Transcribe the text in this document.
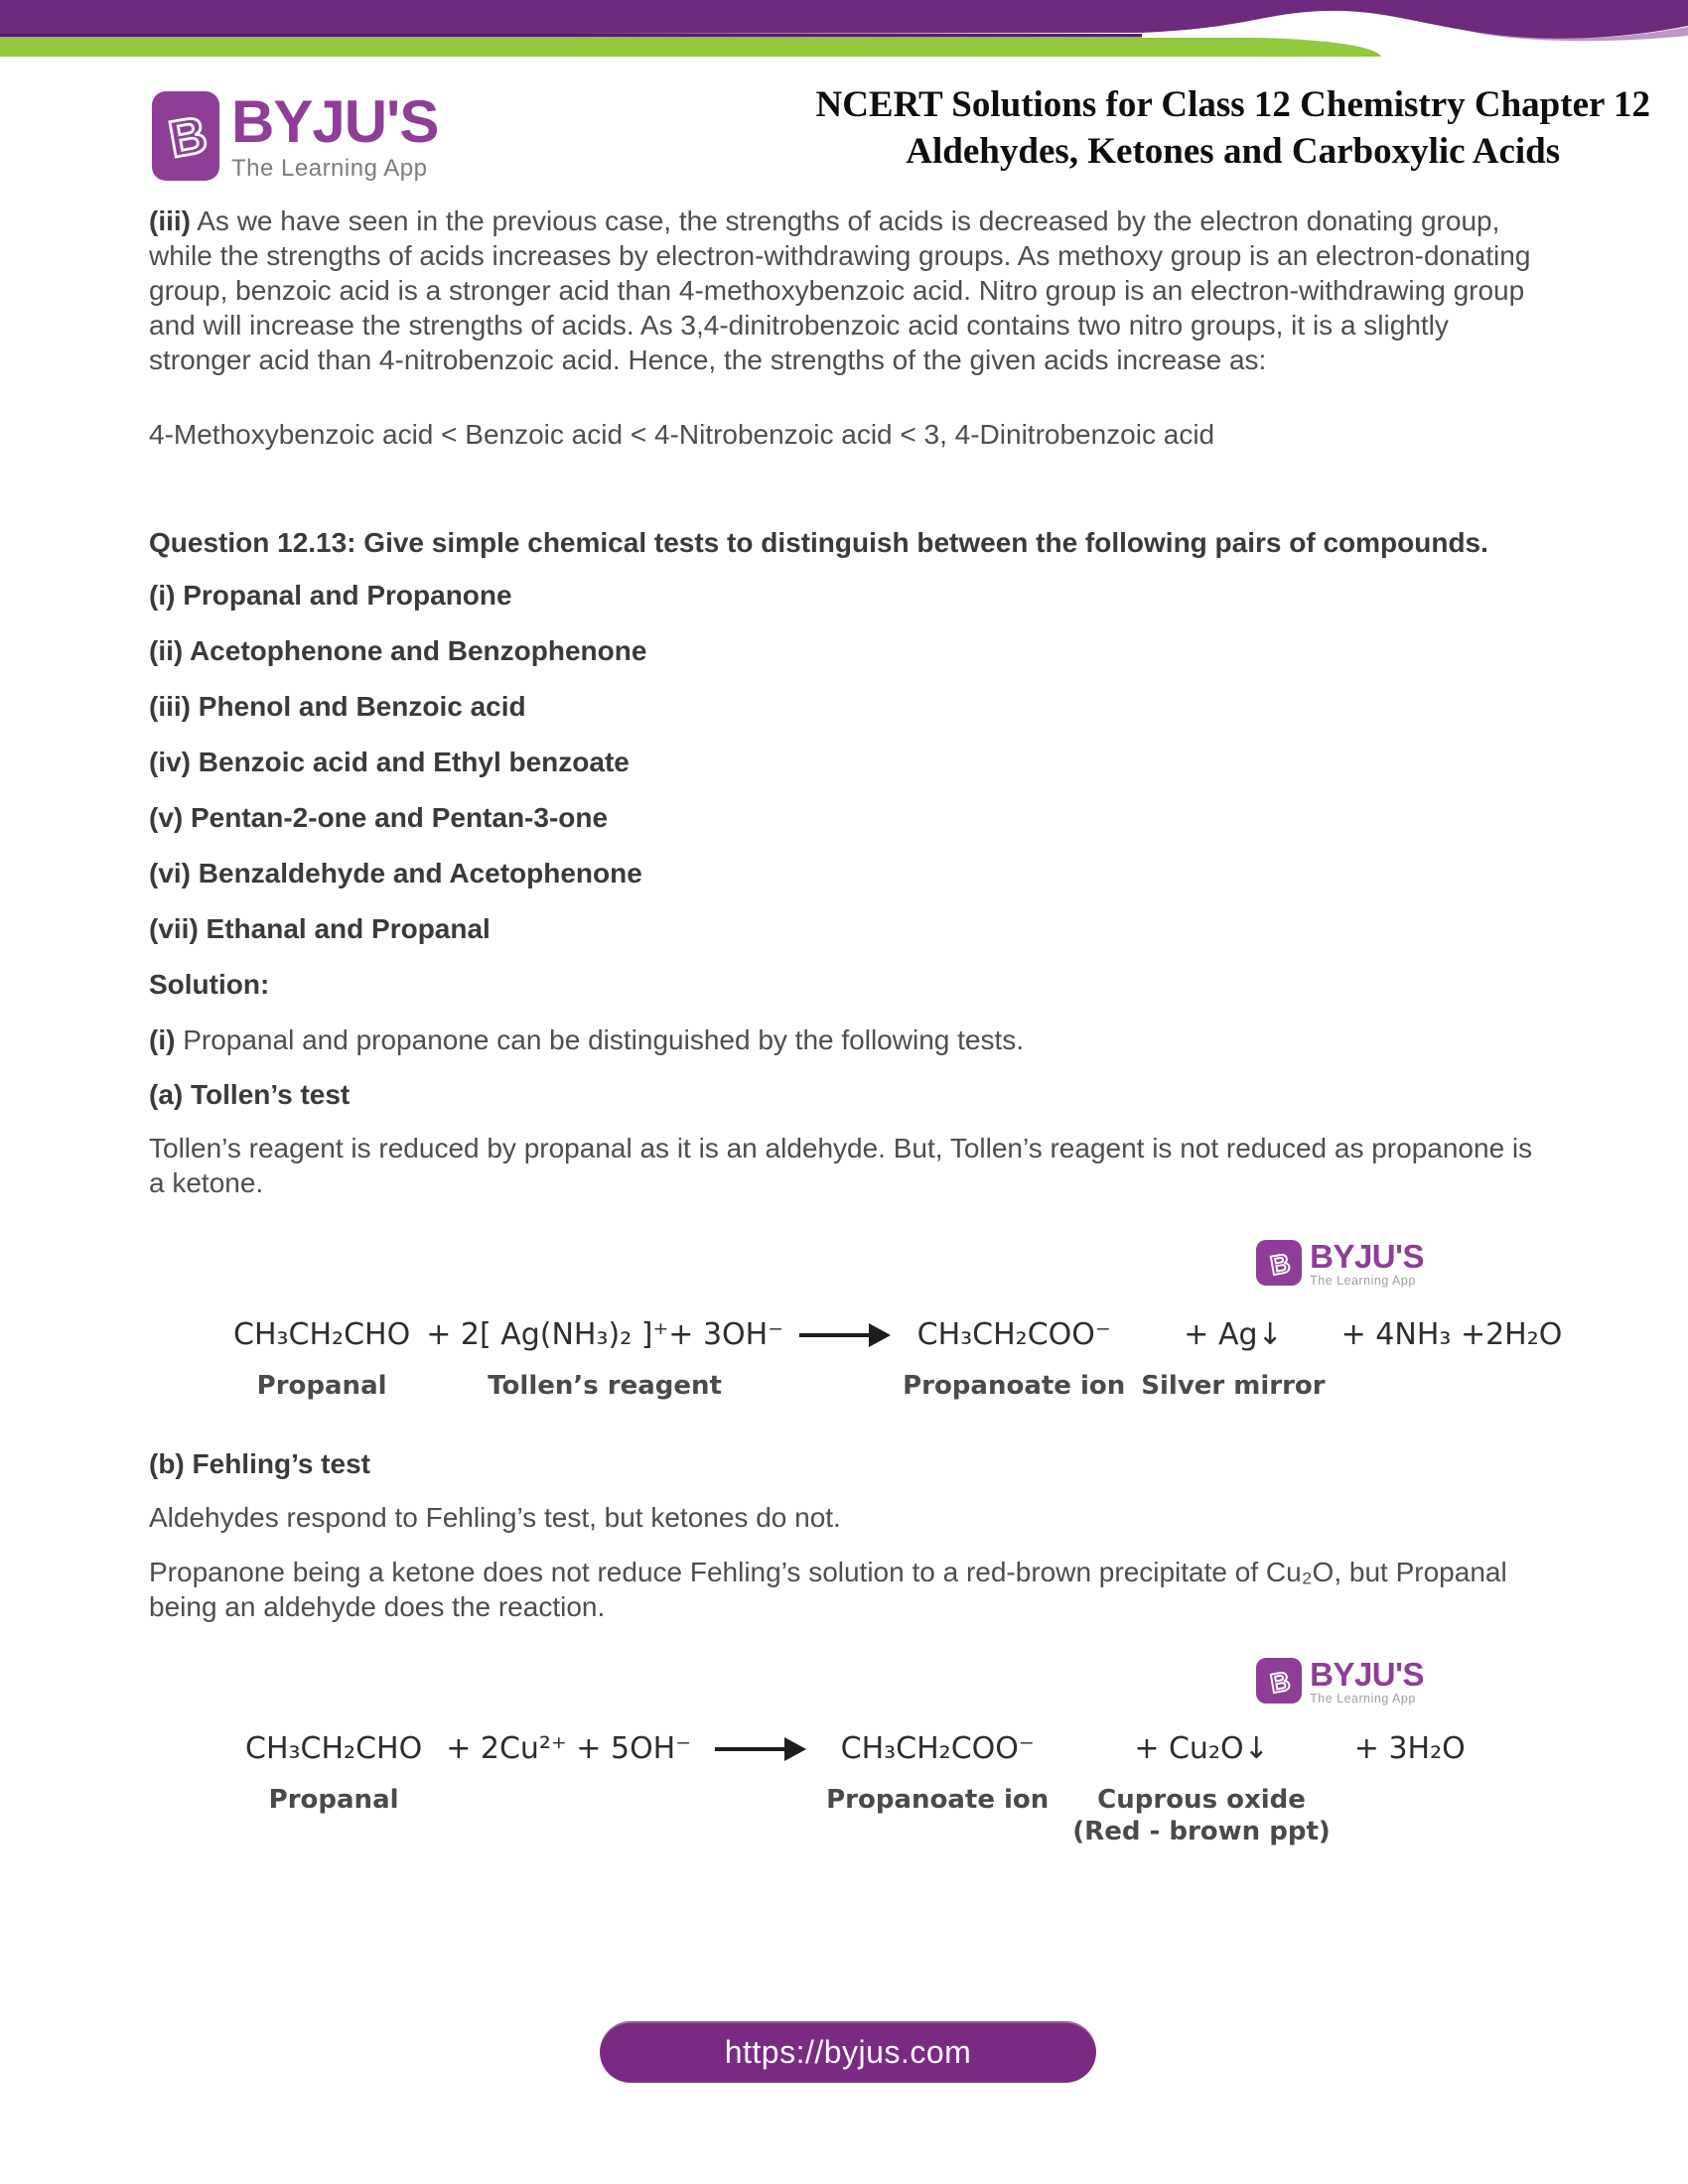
B BYJU'S
The Learning App
NCERT Solutions for Class 12 Chemistry Chapter 12
Aldehydes, Ketones and Carboxylic Acids

(iii) As we have seen in the previous case, the strengths of acids is decreased by the electron donating group, while the strengths of acids increases by electron-withdrawing groups. As methoxy group is an electron-donating group, benzoic acid is a stronger acid than 4-methoxybenzoic acid. Nitro group is an electron-withdrawing group and will increase the strengths of acids. As 3,4-dinitrobenzoic acid contains two nitro groups, it is a slightly stronger acid than 4-nitrobenzoic acid. Hence, the strengths of the given acids increase as:

4-Methoxybenzoic acid < Benzoic acid < 4-Nitrobenzoic acid < 3, 4-Dinitrobenzoic acid

Question 12.13: Give simple chemical tests to distinguish between the following pairs of compounds.

(i) Propanal and Propanone

(ii) Acetophenone and Benzophenone

(iii) Phenol and Benzoic acid

(iv) Benzoic acid and Ethyl benzoate

(v) Pentan-2-one and Pentan-3-one

(vi) Benzaldehyde and Acetophenone

(vii) Ethanal and Propanal

Solution:

(i) Propanal and propanone can be distinguished by the following tests.

(a) Tollen’s test

Tollen’s reagent is reduced by propanal as it is an aldehyde. But, Tollen’s reagent is not reduced as propanone is a ketone.

B BYJU'S
The Learning App
CH₃CH₂CHO
Propanal
+ 2[ Ag(NH₃)₂ ]⁺+ 3OH⁻
Tollen’s reagent
→ CH₃CH₂COO⁻
Propanoate ion
+ Ag↓
Silver mirror
+ 4NH₃ +2H₂O

(b) Fehling’s test

Aldehydes respond to Fehling’s test, but ketones do not.

Propanone being a ketone does not reduce Fehling’s solution to a red-brown precipitate of Cu₂O, but Propanal being an aldehyde does the reaction.

B BYJU'S
The Learning App
CH₃CH₂CHO
Propanal
+ 2Cu²⁺ + 5OH⁻ → CH₃CH₂COO⁻
Propanoate ion
+ Cu₂O↓
Cuprous oxide
(Red - brown ppt)
+ 3H₂O
https://byjus.com
